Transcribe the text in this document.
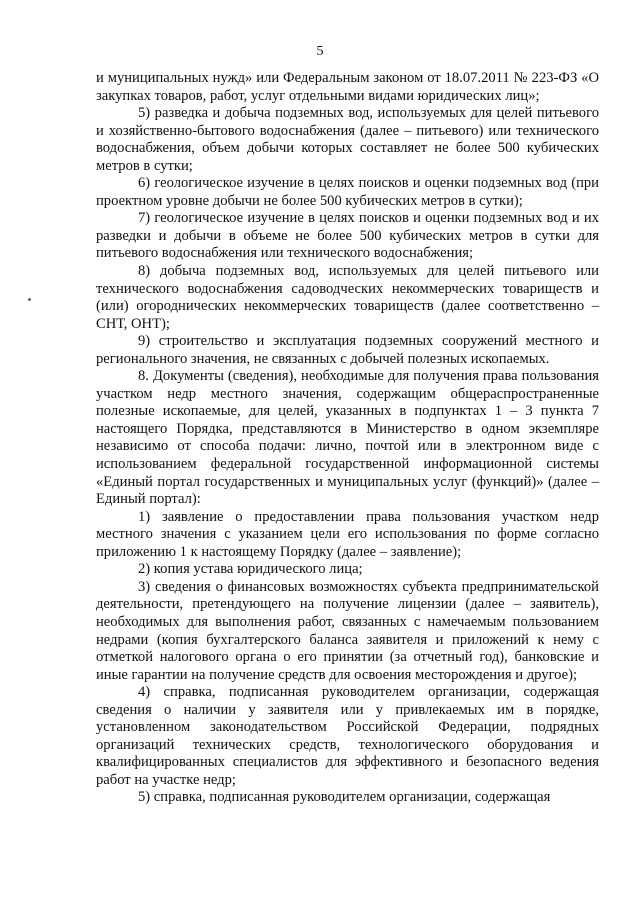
5

и муниципальных нужд» или Федеральным законом от 18.07.2011 № 223-ФЗ «О закупках товаров, работ, услуг отдельными видами юридических лиц»;

5) разведка и добыча подземных вод, используемых для целей питьевого и хозяйственно-бытового водоснабжения (далее – питьевого) или технического водоснабжения, объем добычи которых составляет не более 500 кубических метров в сутки;

6) геологическое изучение в целях поисков и оценки подземных вод (при проектном уровне добычи не более 500 кубических метров в сутки);

7) геологическое изучение в целях поисков и оценки подземных вод и их разведки и добычи в объеме не более 500 кубических метров в сутки для питьевого водоснабжения или технического водоснабжения;

8) добыча подземных вод, используемых для целей питьевого или технического водоснабжения садоводческих некоммерческих товариществ и (или) огороднических некоммерческих товариществ (далее соответственно – СНТ, ОНТ);

9) строительство и эксплуатация подземных сооружений местного и регионального значения, не связанных с добычей полезных ископаемых.

8. Документы (сведения), необходимые для получения права пользования участком недр местного значения, содержащим общераспространенные полезные ископаемые, для целей, указанных в подпунктах 1 – 3 пункта 7 настоящего Порядка, представляются в Министерство в одном экземпляре независимо от способа подачи: лично, почтой или в электронном виде с использованием федеральной государственной информационной системы «Единый портал государственных и муниципальных услуг (функций)» (далее – Единый портал):

1) заявление о предоставлении права пользования участком недр местного значения с указанием цели его использования по форме согласно приложению 1 к настоящему Порядку (далее – заявление);

2) копия устава юридического лица;

3) сведения о финансовых возможностях субъекта предпринимательской деятельности, претендующего на получение лицензии (далее – заявитель), необходимых для выполнения работ, связанных с намечаемым пользованием недрами (копия бухгалтерского баланса заявителя и приложений к нему с отметкой налогового органа о его принятии (за отчетный год), банковские и иные гарантии на получение средств для освоения месторождения и другое);

4) справка, подписанная руководителем организации, содержащая сведения о наличии у заявителя или у привлекаемых им в порядке, установленном законодательством Российской Федерации, подрядных организаций технических средств, технологического оборудования и квалифицированных специалистов для эффективного и безопасного ведения работ на участке недр;

5) справка, подписанная руководителем организации, содержащая
